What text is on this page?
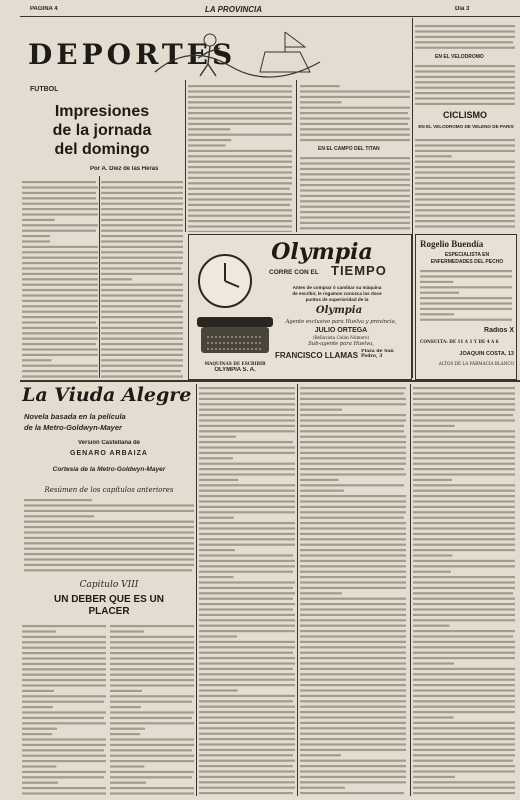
PAGINA 4	LA PROVINCIA	Dia 3
DEPORTES
FUTBOL
Impresiones
de la jornada
del domingo
Por A. Diez de las Heras
EN EL CAMPO DEL TITAN
EN EL VELODROMO
CICLISMO
EN EL VELODROMO DE VELENO DE PARIS
Olympia
CORRE CON EL TIEMPO
Antes de comprar ó cambiar su máquina
de escribir, le rogamos conozca las doce
puntos de superioridad de la
Olympia
Agente exclusivo para Huelva y provincia,
JULIO ORTEGA
(Bellavista Colón Número)
Sub-agente para Huelva,
FRANCISCO LLAMAS Plaza de San Pedro, 3
MAQUINAS DE ESCRIBIR
OLYMPIA S. A.
Rogelio Buendía
ESPECIALISTA EN
ENFERMEDADES DEL PECHO
Radios X
CONSULTA: DE 11 A 1 Y DE 4 A 6
JOAQUIN COSTA, 13
ALTOS DE LA FARMACIA BLANCO
La Viuda Alegre
Novela basada en la película
de la Metro-Goldwyn-Mayer
Versión Castellana de
GENARO ARBAIZA
Cortesía de la Metro-Goldwyn-Mayer
Resúmen de los capítulos anteriores
Capitulo VIII
UN DEBER QUE ES UN
PLACER
